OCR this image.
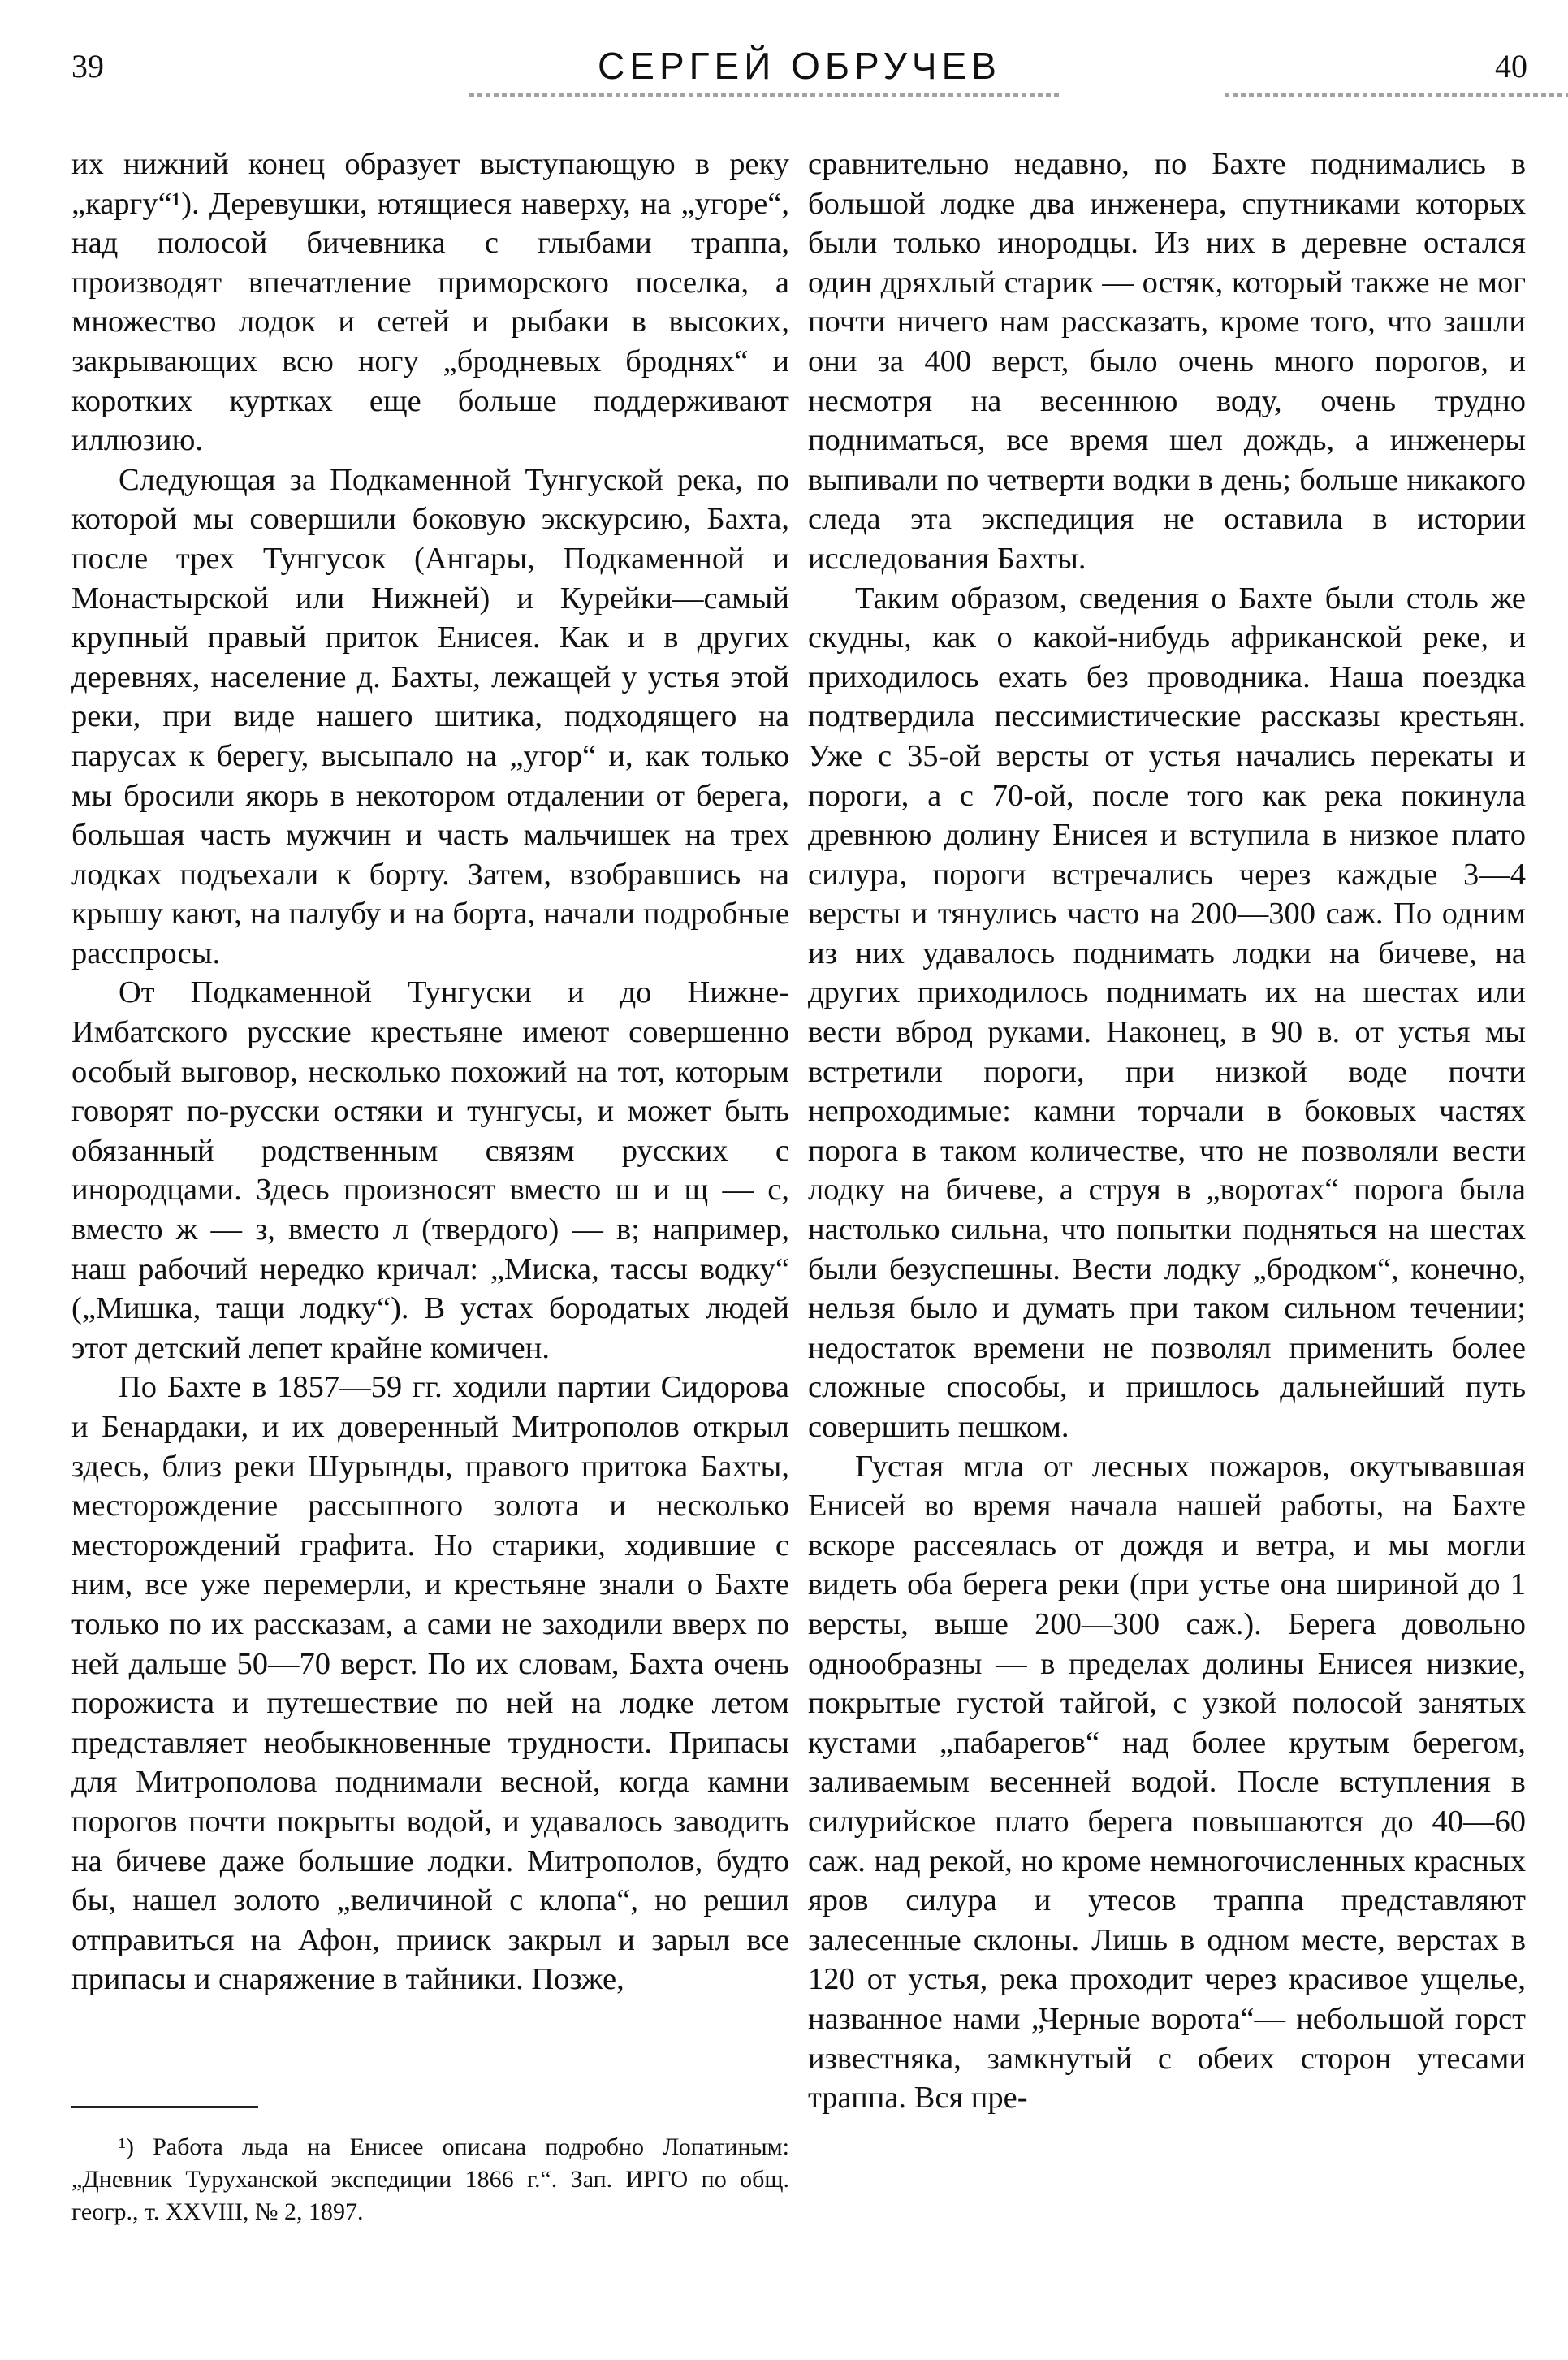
39	СЕРГЕЙ ОБРУЧЕВ	40

их нижний конец образует выступающую в реку „каргу“¹). Деревушки, ютящиеся наверху, на „угоре“, над полосой бичевника с глыбами траппа, производят впечатление приморского поселка, а множество лодок и сетей и рыбаки в высоких, закрывающих всю ногу „бродневых броднях“ и коротких куртках еще больше поддерживают иллюзию.

Следующая за Подкаменной Тунгуской река, по которой мы совершили боковую экскурсию, Бахта, после трех Тунгусок (Ангары, Подкаменной и Монастырской или Нижней) и Курейки—самый крупный правый приток Енисея. Как и в других деревнях, население д. Бахты, лежащей у устья этой реки, при виде нашего шитика, подходящего на парусах к берегу, высыпало на „угор“ и, как только мы бросили якорь в некотором отдалении от берега, большая часть мужчин и часть мальчишек на трех лодках подъехали к борту. Затем, взобравшись на крышу кают, на палубу и на борта, начали подробные расспросы.

От Подкаменной Тунгуски и до Нижне-Имбатского русские крестьяне имеют совершенно особый выговор, несколько похожий на тот, которым говорят по-русски остяки и тунгусы, и может быть обязанный родственным связям русских с инородцами. Здесь произносят вместо ш и щ — с, вместо ж — з, вместо л (твердого) — в; например, наш рабочий нередко кричал: „Миска, тассы водку“ („Мишка, тащи лодку“). В устах бородатых людей этот детский лепет крайне комичен.

По Бахте в 1857—59 гг. ходили партии Сидорова и Бенардаки, и их доверенный Митрополов открыл здесь, близ реки Шурынды, правого притока Бахты, месторождение рассыпного золота и несколько месторождений графита. Но старики, ходившие с ним, все уже перемерли, и крестьяне знали о Бахте только по их рассказам, а сами не заходили вверх по ней дальше 50—70 верст. По их словам, Бахта очень порожиста и путешествие по ней на лодке летом представляет необыкновенные трудности. Припасы для Митрополова поднимали весной, когда камни порогов почти покрыты водой, и удавалось заводить на бичеве даже большие лодки. Митрополов, будто бы, нашел золото „величиной с клопа“, но решил отправиться на Афон, прииск закрыл и зарыл все припасы и снаряжение в тайники. Позже,

¹) Работа льда на Енисее описана подробно Лопатиным: „Дневник Туруханской экспедиции 1866 г.“. Зап. ИРГО по общ. геогр., т. XXVIII, № 2, 1897.

сравнительно недавно, по Бахте поднимались в большой лодке два инженера, спутниками которых были только инородцы. Из них в деревне остался один дряхлый старик — остяк, который также не мог почти ничего нам рассказать, кроме того, что зашли они за 400 верст, было очень много порогов, и несмотря на весеннюю воду, очень трудно подниматься, все время шел дождь, а инженеры выпивали по четверти водки в день; больше никакого следа эта экспедиция не оставила в истории исследования Бахты.

Таким образом, сведения о Бахте были столь же скудны, как о какой-нибудь африканской реке, и приходилось ехать без проводника. Наша поездка подтвердила пессимистические рассказы крестьян. Уже с 35-ой версты от устья начались перекаты и пороги, а с 70-ой, после того как река покинула древнюю долину Енисея и вступила в низкое плато силура, пороги встречались через каждые 3—4 версты и тянулись часто на 200—300 саж. По одним из них удавалось поднимать лодки на бичеве, на других приходилось поднимать их на шестах или вести вброд руками. Наконец, в 90 в. от устья мы встретили пороги, при низкой воде почти непроходимые: камни торчали в боковых частях порога в таком количестве, что не позволяли вести лодку на бичеве, а струя в „воротах“ порога была настолько сильна, что попытки подняться на шестах были безуспешны. Вести лодку „бродком“, конечно, нельзя было и думать при таком сильном течении; недостаток времени не позволял применить более сложные способы, и пришлось дальнейший путь совершить пешком.

Густая мгла от лесных пожаров, окутывавшая Енисей во время начала нашей работы, на Бахте вскоре рассеялась от дождя и ветра, и мы могли видеть оба берега реки (при устье она шириной до 1 версты, выше 200—300 саж.). Берега довольно однообразны — в пределах долины Енисея низкие, покрытые густой тайгой, с узкой полосой занятых кустами „пабарегов“ над более крутым берегом, заливаемым весенней водой. После вступления в силурийское плато берега повышаются до 40—60 саж. над рекой, но кроме немногочисленных красных яров силура и утесов траппа представляют залесенные склоны. Лишь в одном месте, верстах в 120 от устья, река проходит через красивое ущелье, названное нами „Черные ворота“— небольшой горст известняка, замкнутый с обеих сторон утесами траппа. Вся пре-
